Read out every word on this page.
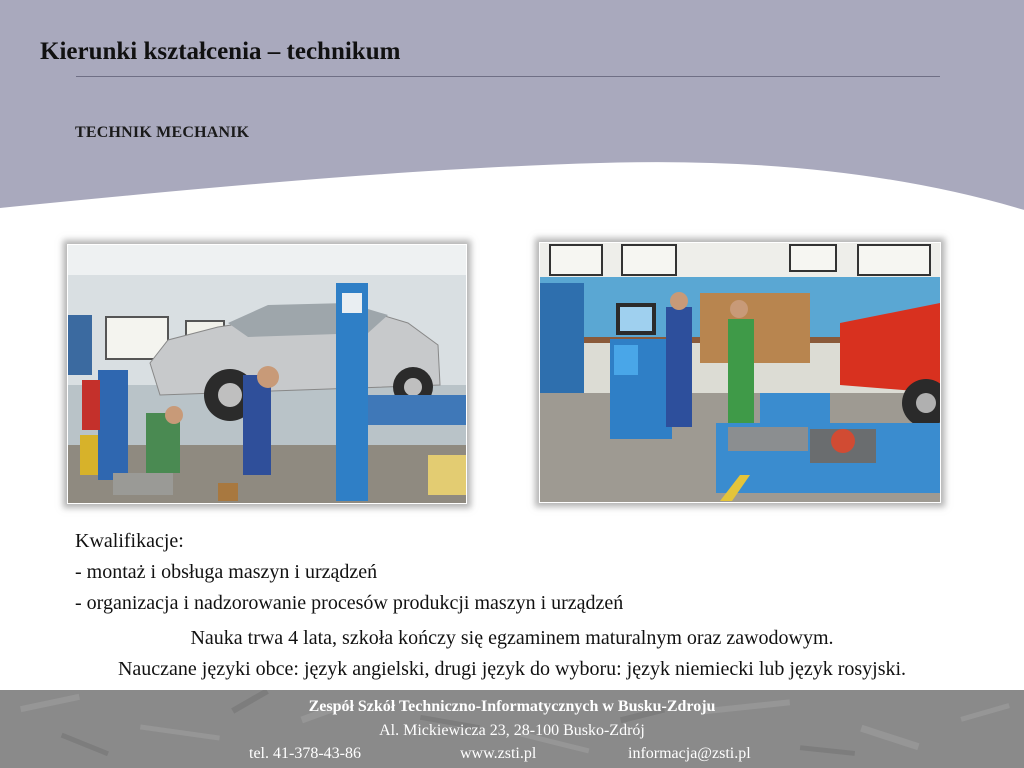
Kierunki kształcenia – technikum
TECHNIK MECHANIK
Kwalifikacje:
- montaż i obsługa maszyn i urządzeń
- organizacja i nadzorowanie procesów produkcji maszyn i urządzeń
Nauka trwa 4 lata, szkoła kończy się egzaminem maturalnym oraz zawodowym.
Nauczane języki obce: język angielski, drugi język do wyboru: język niemiecki lub język rosyjski.
Zespół Szkół Techniczno-Informatycznych w Busku-Zdroju
Al. Mickiewicza 23, 28-100 Busko-Zdrój
tel. 41-378-43-86	www.zsti.pl	informacja@zsti.pl
